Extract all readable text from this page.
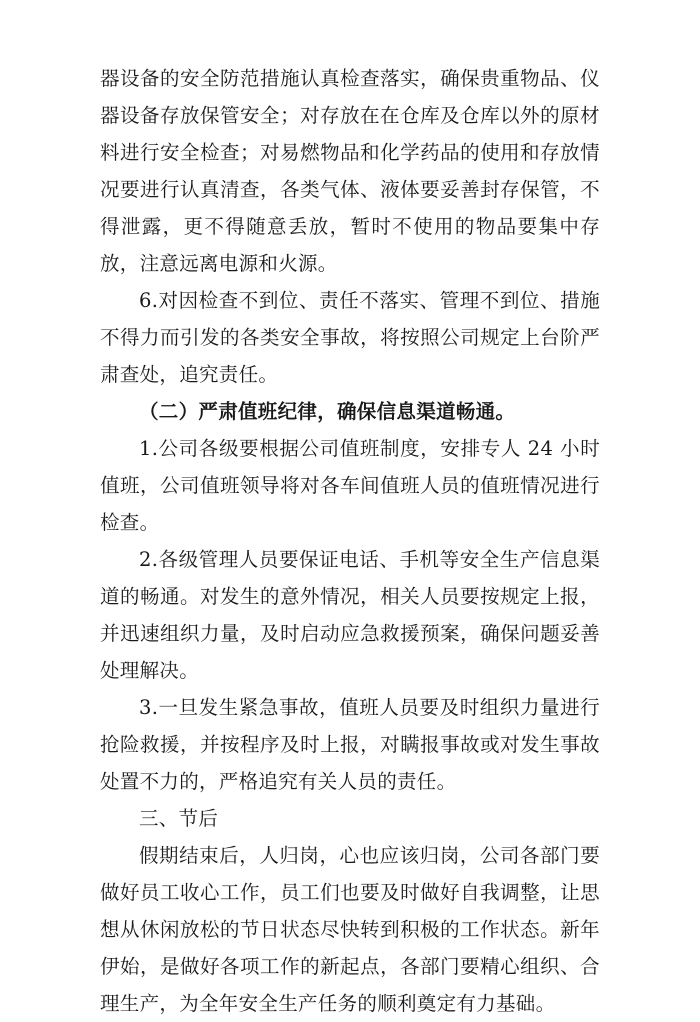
器设备的安全防范措施认真检查落实，确保贵重物品、仪器设备存放保管安全；对存放在在仓库及仓库以外的原材料进行安全检查；对易燃物品和化学药品的使用和存放情况要进行认真清查，各类气体、液体要妥善封存保管，不得泄露，更不得随意丢放，暂时不使用的物品要集中存放，注意远离电源和火源。

6.对因检查不到位、责任不落实、管理不到位、措施不得力而引发的各类安全事故，将按照公司规定上台阶严肃查处，追究责任。

（二）严肃值班纪律，确保信息渠道畅通。

1.公司各级要根据公司值班制度，安排专人 24 小时值班，公司值班领导将对各车间值班人员的值班情况进行检查。

2.各级管理人员要保证电话、手机等安全生产信息渠道的畅通。对发生的意外情况，相关人员要按规定上报，并迅速组织力量，及时启动应急救援预案，确保问题妥善处理解决。

3.一旦发生紧急事故，值班人员要及时组织力量进行抢险救援，并按程序及时上报，对瞒报事故或对发生事故处置不力的，严格追究有关人员的责任。

三、节后

假期结束后，人归岗，心也应该归岗，公司各部门要做好员工收心工作，员工们也要及时做好自我调整，让思想从休闲放松的节日状态尽快转到积极的工作状态。新年伊始，是做好各项工作的新起点，各部门要精心组织、合理生产，为全年安全生产任务的顺利奠定有力基础。
